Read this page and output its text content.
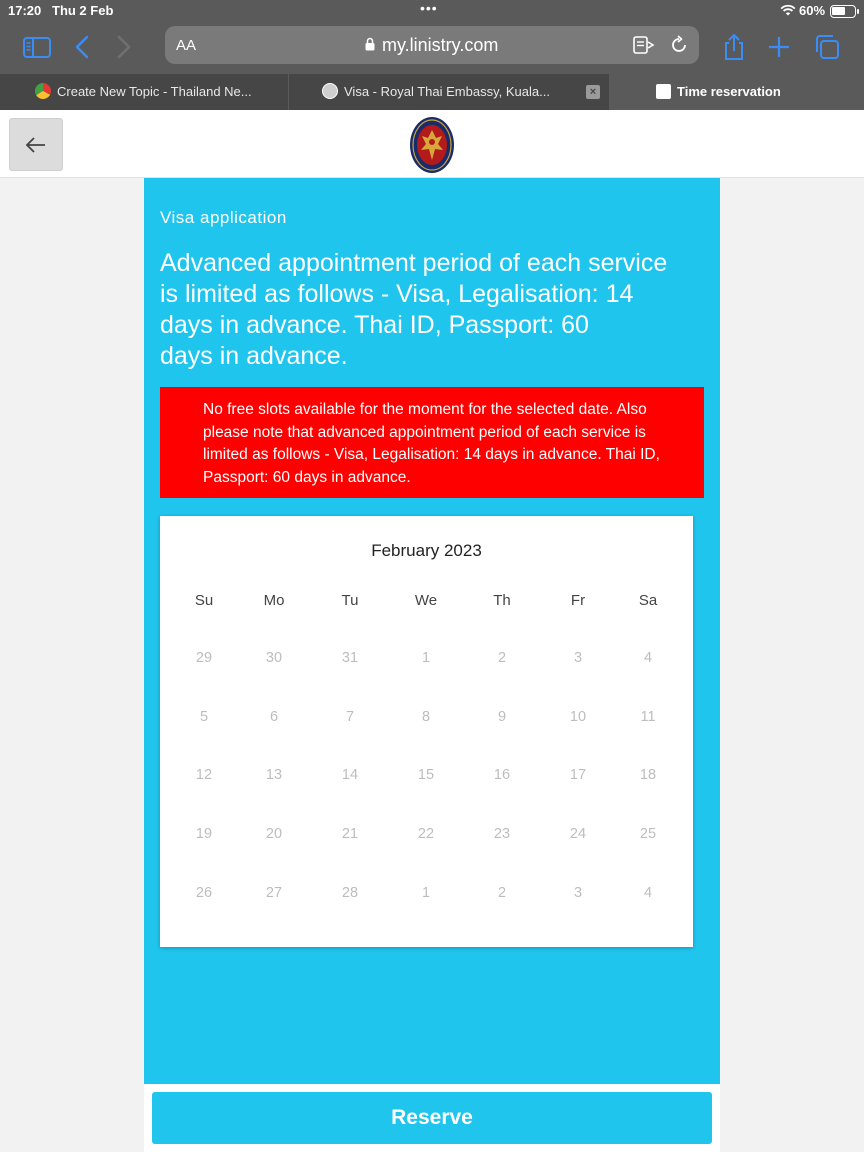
17:20 Thu 2 Feb	•••	60%
AA	my.linistry.com
Create New Topic - Thailand Ne...	Visa - Royal Thai Embassy, Kuala...	Time reservation
×
Visa application
Advanced appointment period of each service
is limited as follows - Visa, Legalisation: 14
days in advance. Thai ID, Passport: 60
days in advance.
No free slots available for the moment for the selected date. Also
please note that advanced appointment period of each service is
limited as follows - Visa, Legalisation: 14 days in advance. Thai ID,
Passport: 60 days in advance.
February 2023
Su	Mo	Tu	We	Th	Fr	Sa
29	30	31	1	2	3	4
5	6	7	8	9	10	11
12	13	14	15	16	17	18
19	20	21	22	23	24	25
26	27	28	1	2	3	4
Reserve
